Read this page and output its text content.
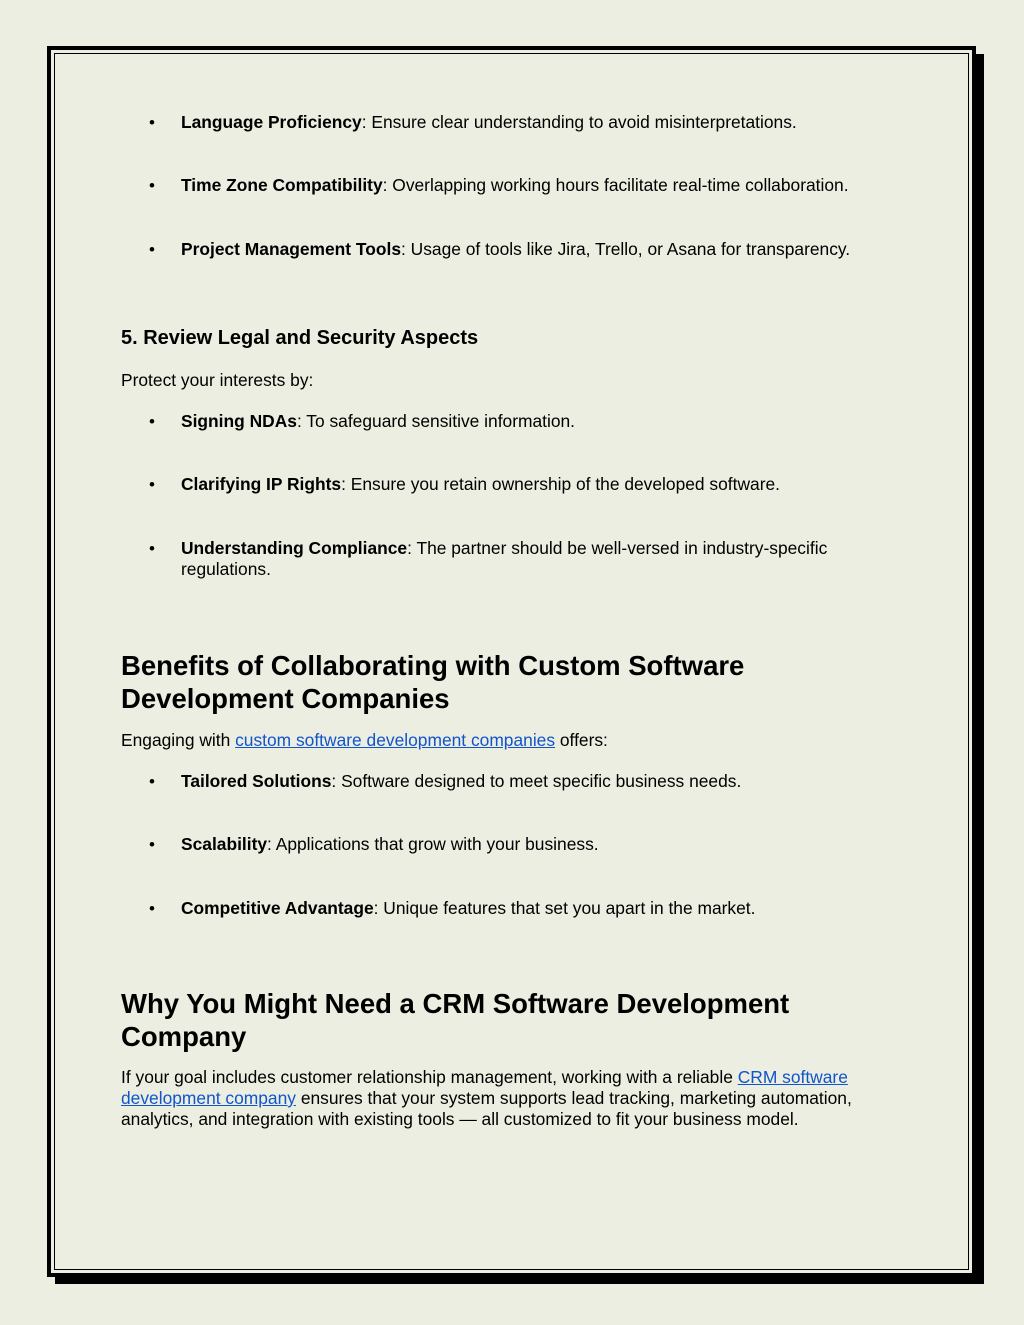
• Language Proficiency: Ensure clear understanding to avoid misinterpretations.
• Time Zone Compatibility: Overlapping working hours facilitate real-time collaboration.
• Project Management Tools: Usage of tools like Jira, Trello, or Asana for transparency.
5. Review Legal and Security Aspects

Protect your interests by:

• Signing NDAs: To safeguard sensitive information.
• Clarifying IP Rights: Ensure you retain ownership of the developed software.
• Understanding Compliance: The partner should be well-versed in industry-specific regulations.
Benefits of Collaborating with Custom Software Development Companies

Engaging with custom software development companies offers:

• Tailored Solutions: Software designed to meet specific business needs.
• Scalability: Applications that grow with your business.
• Competitive Advantage: Unique features that set you apart in the market.
Why You Might Need a CRM Software Development Company

If your goal includes customer relationship management, working with a reliable CRM software development company ensures that your system supports lead tracking, marketing automation, analytics, and integration with existing tools — all customized to fit your business model.
